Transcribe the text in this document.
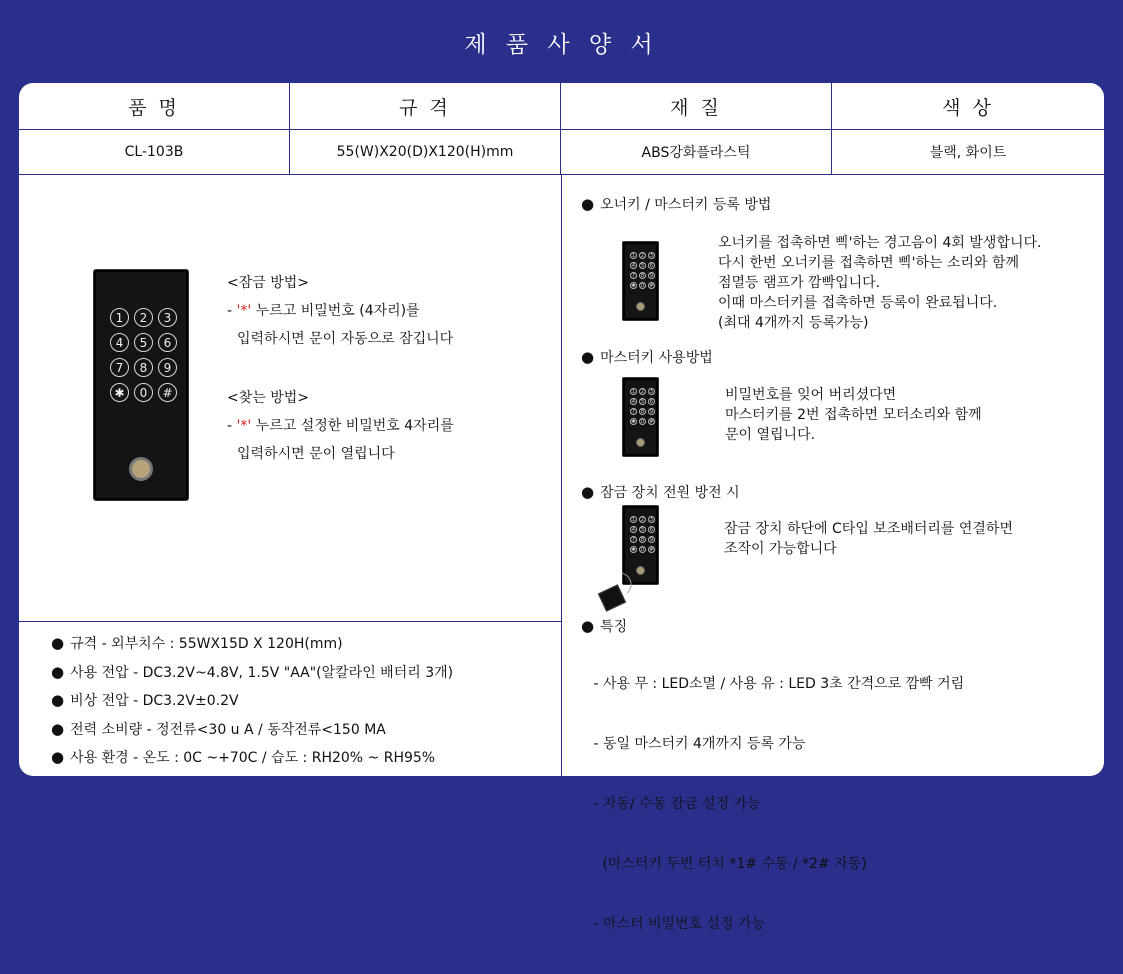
제 품 사 양 서
품 명	규 격	재 질	색 상
CL-103B	55(W)X20(D)X120(H)mm	ABS강화플라스틱	블랙, 화이트
1	2	3
4	5	6
7	8	9
✱	0	#
<잠금 방법>
- '*' 누르고 비밀번호 (4자리)를
입력하시면 문이 자동으로 잠깁니다
<찾는 방법>
- '*' 누르고 설정한 비밀번호 4자리를
입력하시면 문이 열립니다
● 오너키 / 마스터키 등록 방법
1	2	3
4	5	6
7	8	9
✱	0	#
오너키를 접촉하면 삑'하는 경고음이 4회 발생합니다.
다시 한번 오너키를 접촉하면 삑'하는 소리와 함께
점멸등 램프가 깜빡입니다.
이때 마스터키를 접촉하면 등록이 완료됩니다.
(최대 4개까지 등록가능)
● 마스터키 사용방법
1	2	3
4	5	6
7	8	9
✱	0	#
비밀번호를 잊어 버리셨다면
마스터키를 2번 접촉하면 모터소리와 함께
문이 열립니다.
● 잠금 장치 전원 방전 시
1	2	3
4	5	6
7	8	9
✱	0	#
잠금 장치 하단에 C타입 보조배터리를 연결하면
조작이 가능합니다
● 특징

- 사용 무 : LED소멸 / 사용 유 : LED 3초 간격으로 깜빡 거림

- 동일 마스터키 4개까지 등록 가능

- 자동/ 수동 잠금 설정 가능

(마스터키 두번 터치 *1# 수동 / *2# 자동)

- 마스터 비밀번호 설정 가능

● 규격 - 외부치수 : 55WX15D X 120H(mm)
● 사용 전압 - DC3.2V~4.8V, 1.5V "AA"(알칼라인 배터리 3개)
● 비상 전압 - DC3.2V±0.2V
● 전력 소비량 - 정전류<30 u A / 동작전류<150 MA
● 사용 환경 - 온도 : 0C ~+70C / 습도 : RH20% ~ RH95%
